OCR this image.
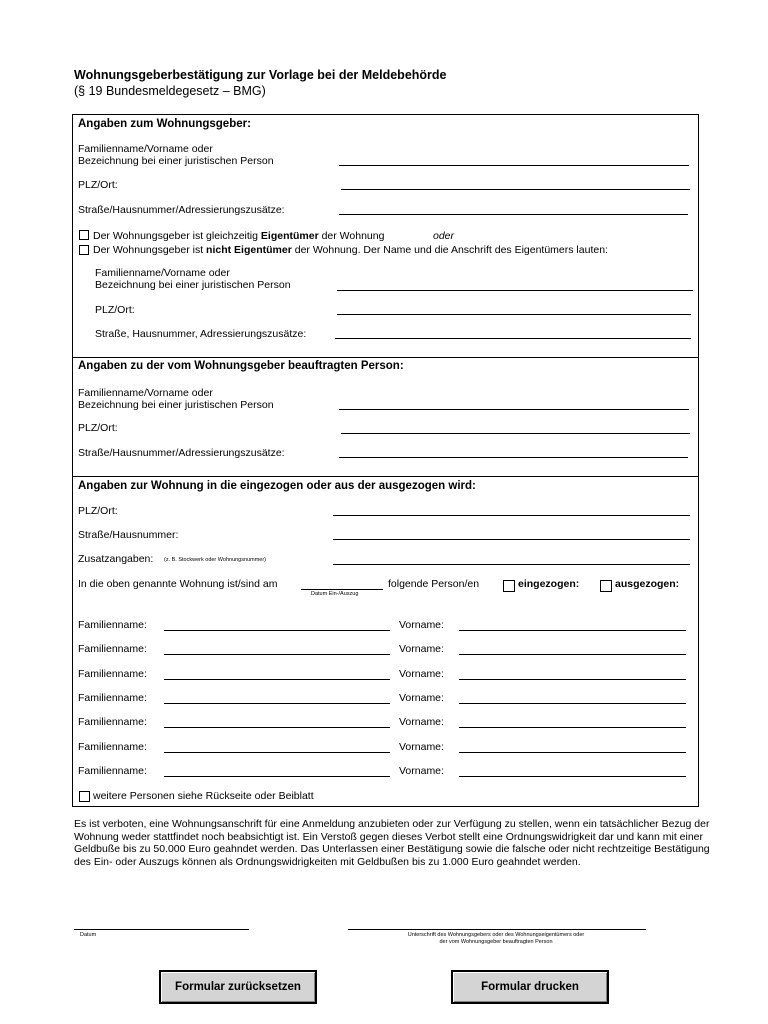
Wohnungsgeberbestätigung zur Vorlage bei der Meldebehörde
(§ 19 Bundesmeldegesetz – BMG)
Angaben zum Wohnungsgeber:
Familienname/Vorname oder
Bezeichnung bei einer juristischen Person
PLZ/Ort:
Straße/Hausnummer/Adressierungszusätze:
Der Wohnungsgeber ist gleichzeitig Eigentümer der Wohnung	oder
Der Wohnungsgeber ist nicht Eigentümer der Wohnung. Der Name und die Anschrift des Eigentümers lauten:
Familienname/Vorname oder
Bezeichnung bei einer juristischen Person
PLZ/Ort:
Straße, Hausnummer, Adressierungszusätze:
Angaben zu der vom Wohnungsgeber beauftragten Person:
Familienname/Vorname oder
Bezeichnung bei einer juristischen Person
PLZ/Ort:
Straße/Hausnummer/Adressierungszusätze:
Angaben zur Wohnung in die eingezogen oder aus der ausgezogen wird:
PLZ/Ort:
Straße/Hausnummer:
Zusatzangaben: (z. B. Stockwerk oder Wohnungsnummer)
In die oben genannte Wohnung ist/sind am
Datum Ein-/Auszug
folgende Person/en	eingezogen:	ausgezogen:
Familienname:	Vorname:
Familienname:	Vorname:
Familienname:	Vorname:
Familienname:	Vorname:
Familienname:	Vorname:
Familienname:	Vorname:
Familienname:	Vorname:
weitere Personen siehe Rückseite oder Beiblatt
Es ist verboten, eine Wohnungsanschrift für eine Anmeldung anzubieten oder zur Verfügung zu stellen, wenn ein tatsächlicher Bezug der Wohnung weder stattfindet noch beabsichtigt ist. Ein Verstoß gegen dieses Verbot stellt eine Ordnungswidrigkeit dar und kann mit einer Geldbuße bis zu 50.000 Euro geahndet werden. Das Unterlassen einer Bestätigung sowie die falsche oder nicht rechtzeitige Bestätigung des Ein- oder Auszugs können als Ordnungswidrigkeiten mit Geldbußen bis zu 1.000 Euro geahndet werden.
Datum	Unterschrift des Wohnungsgebers oder des Wohnungseigentümers oder
der vom Wohnungsgeber beauftragten Person
Formular zurücksetzen	Formular drucken
